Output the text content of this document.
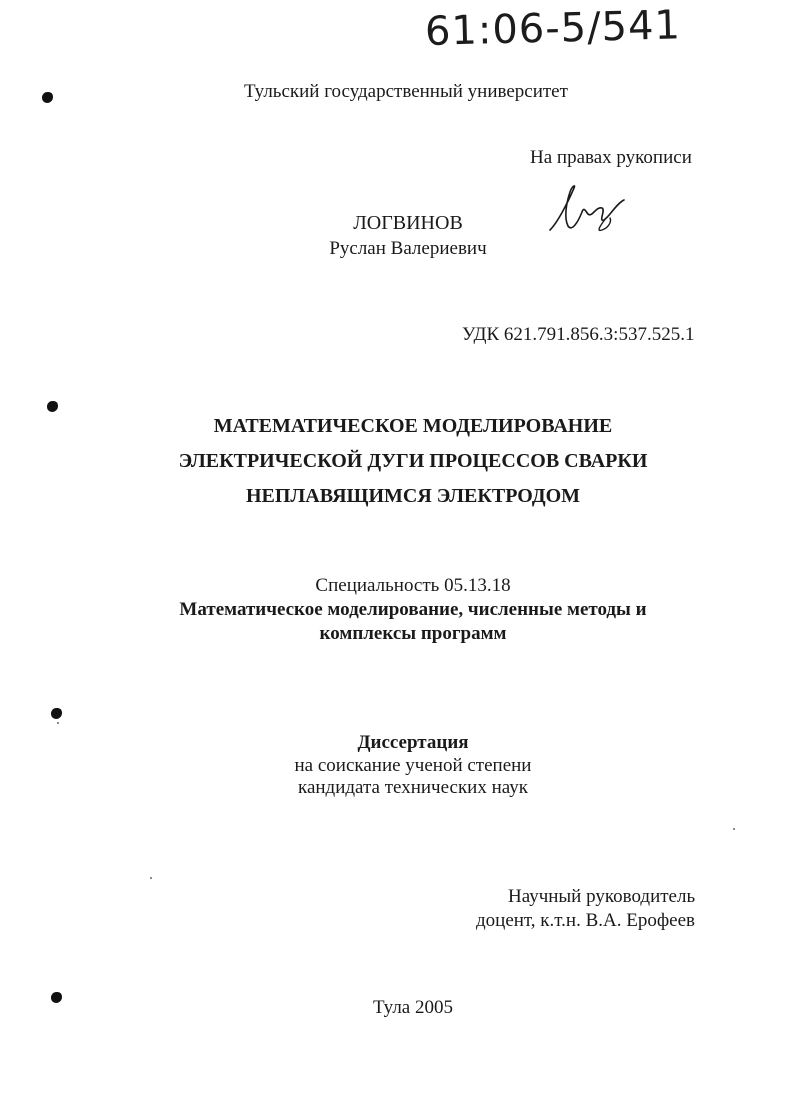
61:06-5/541
Тульский государственный университет
На правах рукописи
ЛОГВИНОВ
Руслан Валериевич
УДК 621.791.856.3:537.525.1
МАТЕМАТИЧЕСКОЕ МОДЕЛИРОВАНИЕ
ЭЛЕКТРИЧЕСКОЙ ДУГИ ПРОЦЕССОВ СВАРКИ
НЕПЛАВЯЩИМСЯ ЭЛЕКТРОДОМ
Специальность 05.13.18
Математическое моделирование, численные методы и
комплексы программ
Диссертация
на соискание ученой степени
кандидата технических наук
Научный руководитель
доцент, к.т.н. В.А. Ерофеев
Тула 2005
